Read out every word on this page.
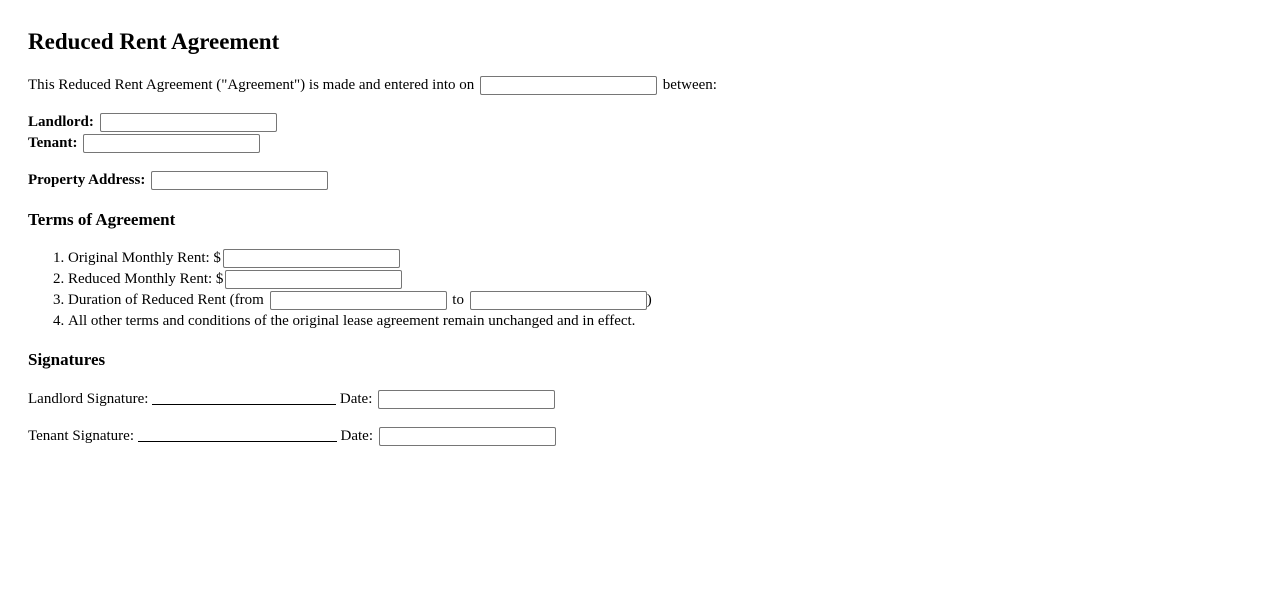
Reduced Rent Agreement

This Reduced Rent Agreement ("Agreement") is made and entered into on	between:

Landlord:
Tenant:

Property Address:

Terms of Agreement
1. Original Monthly Rent: $
2. Reduced Monthly Rent: $
3. Duration of Reduced Rent (from	to	)
4. All other terms and conditions of the original lease agreement remain unchanged and in effect.
Signatures

Landlord Signature:	Date:

Tenant Signature:	Date:
